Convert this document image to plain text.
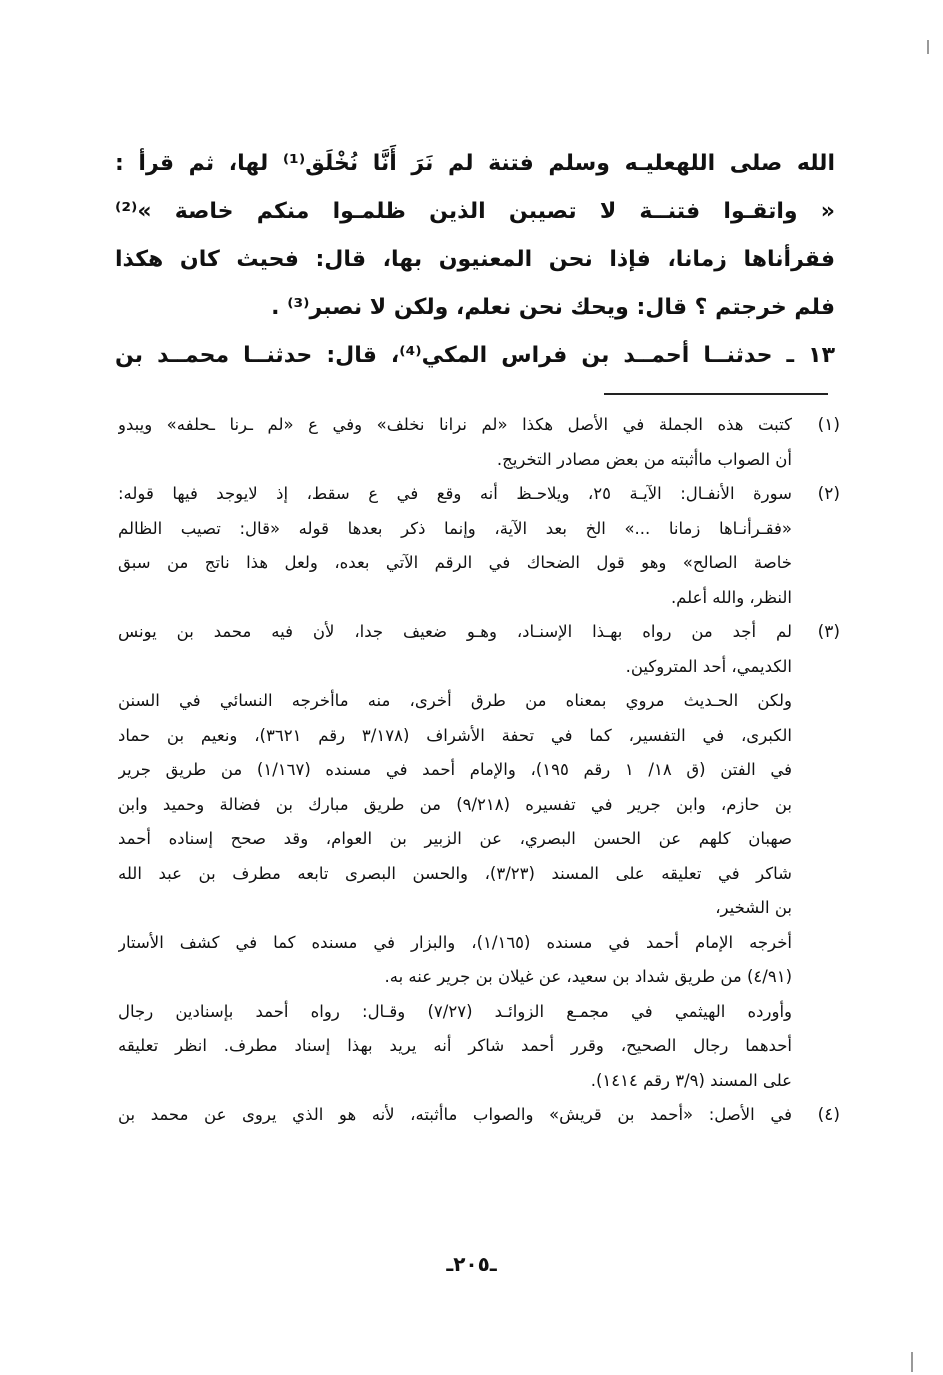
الله صلى اللهعليـه وسلم فتنة لم نَرَ أَنَّا نُخْلَق⁽¹⁾ لها، ثم قرأ :
« واتقـوا فتنــة لا تصيبن الذين ظلمـوا منكم خاصة »⁽²⁾
فقرأناها زمانا، فإذا نحن المعنيون بها، قال: فحيث كان هكذا
فلم خرجتم ؟ قال: ويحك نحن نعلم، ولكن لا نصبر⁽³⁾ .
١٣ ـ حدثنــا أحمــد بن فراس المكي⁽⁴⁾، قال: حدثنــا محمــد بن
(١)
كتبت هذه الجملة في الأصل هكذا «لم نرانا نخلف» وفي ع «لم ـرنا ـحلفه» ويبدو
أن الصواب ماأثبته من بعض مصادر التخريج.
(٢)
سورة الأنفـال: الآيـة ٢٥، ويلاحـظ أنه وقع في ع سقط، إذ لايوجد فيها قوله:
«فقـرأنـاها زمانا ...» الخ بعد الآية، وإنما ذكر بعدها قوله «قال: تصيب الظالم
خاصة الصالح» وهو قول الضحاك في الرقم الآتي بعده، ولعل هذا ناتج من سبق
النظر، والله أعلم.
(٣)
لم أجد من رواه بهـذا الإسنـاد، وهـو ضعيف جدا، لأن فيه محمد بن يونس
الكديمي، أحد المتروكين.
ولكن الحـديث مروي بمعناه من طرق أخرى، منه ماأخرجه النسائي في السنن
الكبرى، في التفسير، كما في تحفة الأشراف (٣/١٧٨ رقم ٣٦٢١)، ونعيم بن حماد
في الفتن (ق ١٨/ ١ رقم ١٩٥)، والإمام أحمد في مسنده (١/١٦٧) من طريق جرير
بن حازم، وابن جرير في تفسيره (٩/٢١٨) من طريق مبارك بن فضالة وحميد وابن
صهبان كلهم عن الحسن البصري، عن الزبير بن العوام، وقد صحح إسناده أحمد
شاكر في تعليقه على المسند (٣/٢٣)، والحسن البصرى تابعه مطرف بن عبد الله
بن الشخير،
أخرجه الإمام أحمد في مسنده (١/١٦٥)، والبزار في مسنده كما في كشف الأستار
(٤/٩١) من طريق شداد بن سعيد، عن غيلان بن جرير عنه به.
وأورده الهيثمي في مجمـع الزوائـد (٧/٢٧) وقـال: رواه أحمد بإسنادين رجال
أحدهما رجال الصحيح، وقرر أحمد شاكر أنه يريد بهذا إسناد مطرف. انظر تعليقه
على المسند (٣/٩ رقم ١٤١٤).
(٤)
في الأصل: «أحمد بن قريش» والصواب ماأثبته، لأنه هو الذي يروى عن محمد بن
ـ٢٠٥ـ
